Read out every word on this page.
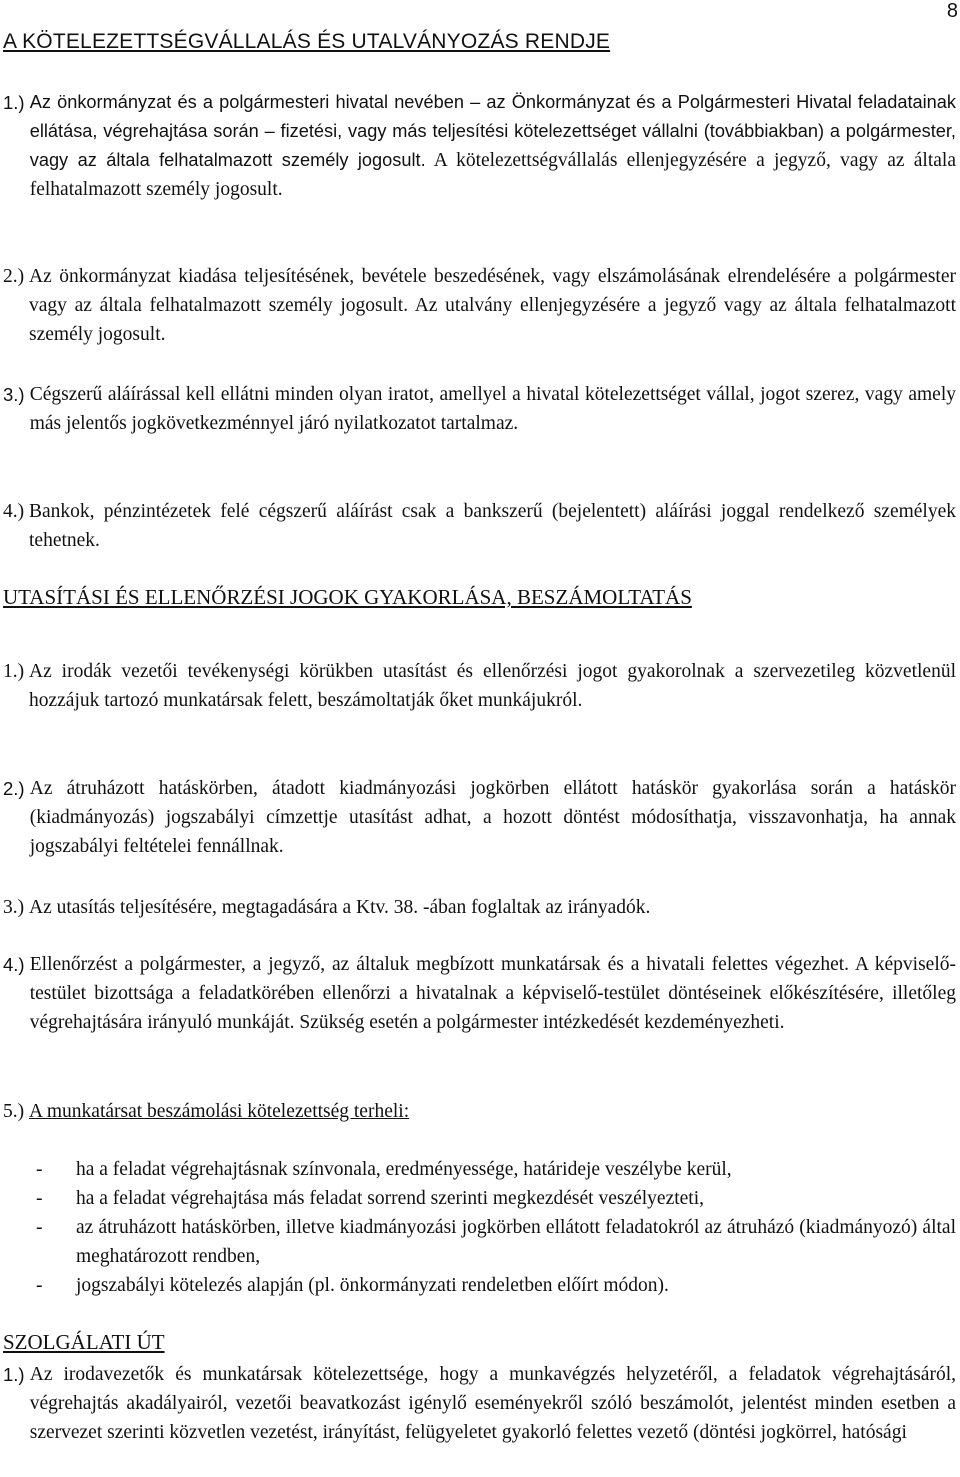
8
A KÖTELEZETTSÉGVÁLLALÁS ÉS UTALVÁNYOZÁS RENDJE
1.) Az önkormányzat és a polgármesteri hivatal nevében – az Önkormányzat és a Polgármesteri Hivatal feladatainak ellátása, végrehajtása során – fizetési, vagy más teljesítési kötelezettséget vállalni (továbbiakban) a polgármester, vagy az általa felhatalmazott személy jogosult. A kötelezettségvállalás ellenjegyzésére a jegyző, vagy az általa felhatalmazott személy jogosult.
2.) Az önkormányzat kiadása teljesítésének, bevétele beszedésének, vagy elszámolásának elrendelésére a polgármester vagy az általa felhatalmazott személy jogosult. Az utalvány ellenjegyzésére a jegyző vagy az általa felhatalmazott személy jogosult.
3.) Cégszerű aláírással kell ellátni minden olyan iratot, amellyel a hivatal kötelezettséget vállal, jogot szerez, vagy amely más jelentős jogkövetkezménnyel járó nyilatkozatot tartalmaz.
4.) Bankok, pénzintézetek felé cégszerű aláírást csak a bankszerű (bejelentett) aláírási joggal rendelkező személyek tehetnek.
UTASÍTÁSI ÉS ELLENŐRZÉSI JOGOK GYAKORLÁSA, BESZÁMOLTATÁS
1.) Az irodák vezetői tevékenységi körükben utasítást és ellenőrzési jogot gyakorolnak a szervezetileg közvetlenül hozzájuk tartozó munkatársak felett, beszámoltatják őket munkájukról.
2.) Az átruházott hatáskörben, átadott kiadmányozási jogkörben ellátott hatáskör gyakorlása során a hatáskör (kiadmányozás) jogszabályi címzettje utasítást adhat, a hozott döntést módosíthatja, visszavonhatja, ha annak jogszabályi feltételei fennállnak.
3.) Az utasítás teljesítésére, megtagadására a Ktv. 38. -ában foglaltak az irányadók.
4.) Ellenőrzést a polgármester, a jegyző, az általuk megbízott munkatársak és a hivatali felettes végezhet. A képviselő-testület bizottsága a feladatkörében ellenőrzi a hivatalnak a képviselő-testület döntéseinek előkészítésére, illetőleg végrehajtására irányuló munkáját. Szükség esetén a polgármester intézkedését kezdeményezheti.
5.) A munkatársat beszámolási kötelezettség terheli:
-	ha a feladat végrehajtásnak színvonala, eredményessége, határideje veszélybe kerül,
-	ha a feladat végrehajtása más feladat sorrend szerinti megkezdését veszélyezteti,
-	az átruházott hatáskörben, illetve kiadmányozási jogkörben ellátott feladatokról az átruházó (kiadmányozó) által meghatározott rendben,
-	jogszabályi kötelezés alapján (pl. önkormányzati rendeletben előírt módon).
SZOLGÁLATI ÚT
1.) Az irodavezetők és munkatársak kötelezettsége, hogy a munkavégzés helyzetéről, a feladatok végrehajtásáról, végrehajtás akadályairól, vezetői beavatkozást igénylő eseményekről szóló beszámolót, jelentést minden esetben a szervezet szerinti közvetlen vezetést, irányítást, felügyeletet gyakorló felettes vezető (döntési jogkörrel, hatósági
